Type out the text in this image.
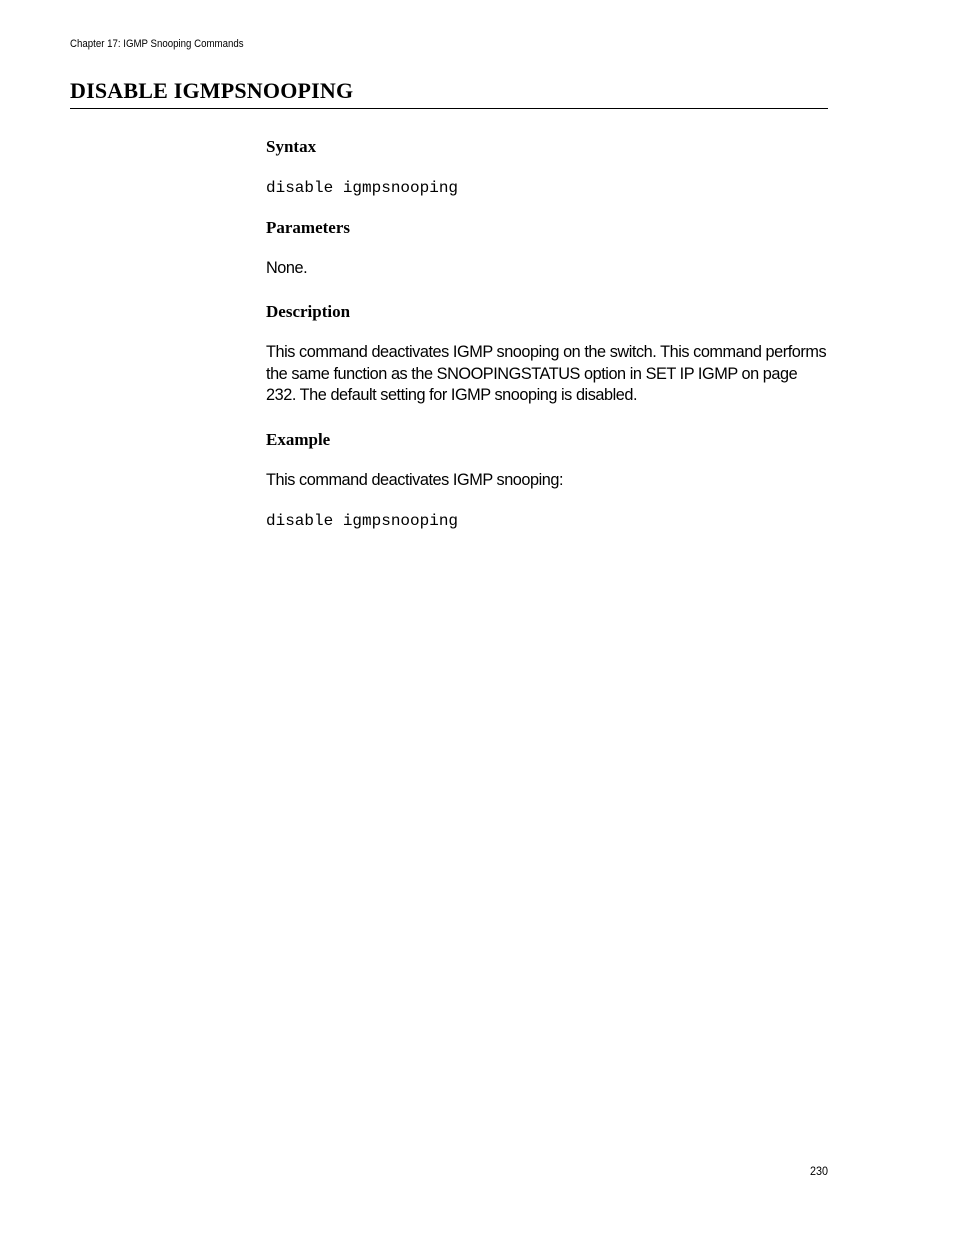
Chapter 17: IGMP Snooping Commands
DISABLE IGMPSNOOPING
Syntax
disable igmpsnooping
Parameters

None.

Description

This command deactivates IGMP snooping on the switch. This command performs the same function as the SNOOPINGSTATUS option in SET IP IGMP on page 232. The default setting for IGMP snooping is disabled.

Example

This command deactivates IGMP snooping:

disable igmpsnooping
230
